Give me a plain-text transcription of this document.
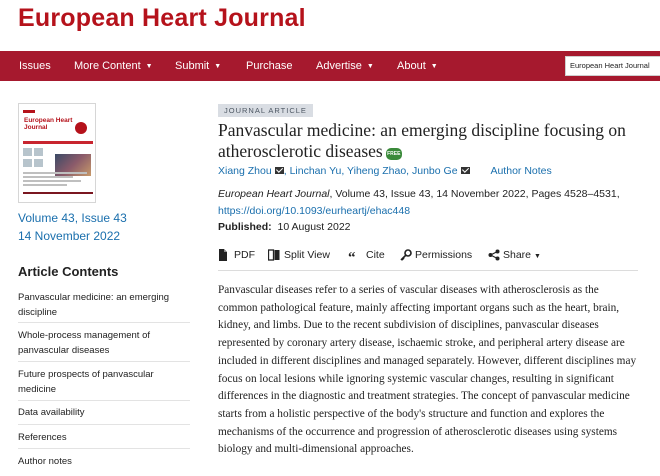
European Heart Journal
Issues More Content ▼ Submit ▼ Purchase Advertise ▼ About ▼	European Heart Journal
European Heart Journal
Volume 43, Issue 43
14 November 2022
Article Contents
Panvascular medicine: an emerging discipline
Whole-process management of panvascular diseases
Future prospects of panvascular medicine
Data availability
References
Author notes
JOURNAL ARTICLE
Panvascular medicine: an emerging discipline focusing on atherosclerotic diseases FREE
Xiang Zhou , Linchan Yu, Yiheng Zhao, Junbo Ge	Author Notes
European Heart Journal, Volume 43, Issue 43, 14 November 2022, Pages 4528–4531,
https://doi.org/10.1093/eurheartj/ehac448
Published: 10 August 2022
PDF	Split View “ Cite	Permissions	Share ▼
Panvascular diseases refer to a series of vascular diseases with atherosclerosis as the common pathological feature, mainly affecting important organs such as the heart, brain, kidney, and limbs. Due to the recent subdivision of disciplines, panvascular diseases represented by coronary artery disease, ischaemic stroke, and peripheral artery disease are included in different disciplines and managed separately. However, different disciplines may focus on local lesions while ignoring systemic vascular changes, resulting in significant differences in the diagnostic and treatment strategies. The concept of panvascular medicine starts from a holistic perspective of the body's structure and function and explores the mechanisms of the occurrence and progression of atherosclerotic diseases using systems biology and multi-dimensional approaches.
